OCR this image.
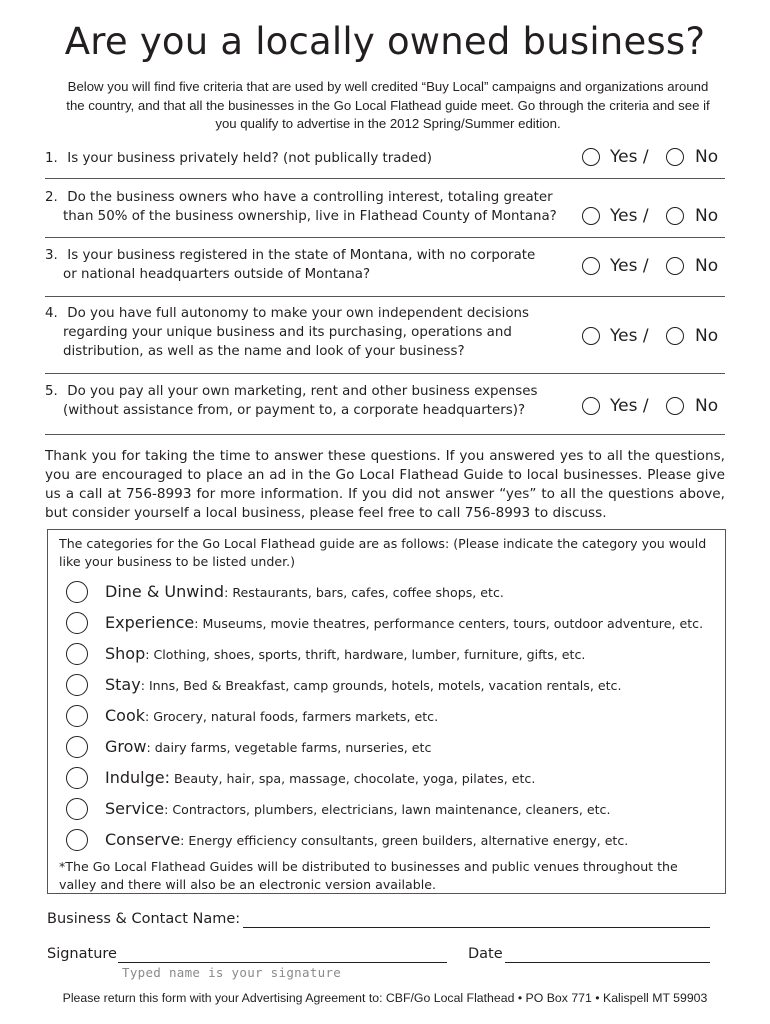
Are you a locally owned business?
Below you will find five criteria that are used by well credited “Buy Local” campaigns and organizations around the country, and that all the businesses in the Go Local Flathead guide meet. Go through the criteria and see if you qualify to advertise in the 2012 Spring/Summer edition.
1. Is your business privately held? (not publically traded)	Yes /	No
2. Do the business owners who have a controlling interest, totaling greater
than 50% of the business ownership, live in Flathead County of Montana?	Yes /	No
3. Is your business registered in the state of Montana, with no corporate
or national headquarters outside of Montana?	Yes /	No
4. Do you have full autonomy to make your own independent decisions
regarding your unique business and its purchasing, operations and
distribution, as well as the name and look of your business?
Yes /	No
5. Do you pay all your own marketing, rent and other business expenses
(without assistance from, or payment to, a corporate headquarters)?	Yes /	No
Thank you for taking the time to answer these questions. If you answered yes to all the questions, you are encouraged to place an ad in the Go Local Flathead Guide to local businesses. Please give us a call at 756-8993 for more information. If you did not answer “yes” to all the questions above, but consider yourself a local business, please feel free to call 756-8993 to discuss.
The categories for the Go Local Flathead guide are as follows: (Please indicate the category you would like your business to be listed under.)
Dine & Unwind: Restaurants, bars, cafes, coffee shops, etc.
Experience: Museums, movie theatres, performance centers, tours, outdoor adventure, etc.
Shop: Clothing, shoes, sports, thrift, hardware, lumber, furniture, gifts, etc.
Stay: Inns, Bed & Breakfast, camp grounds, hotels, motels, vacation rentals, etc.
Cook: Grocery, natural foods, farmers markets, etc.
Grow: dairy farms, vegetable farms, nurseries, etc
Indulge: Beauty, hair, spa, massage, chocolate, yoga, pilates, etc.
Service: Contractors, plumbers, electricians, lawn maintenance, cleaners, etc.
Conserve: Energy efficiency consultants, green builders, alternative energy, etc.
*The Go Local Flathead Guides will be distributed to businesses and public venues throughout the valley and there will also be an electronic version available.
Business & Contact Name:
Signature	Date
Typed name is your signature
Please return this form with your Advertising Agreement to: CBF/Go Local Flathead • PO Box 771 • Kalispell MT 59903
